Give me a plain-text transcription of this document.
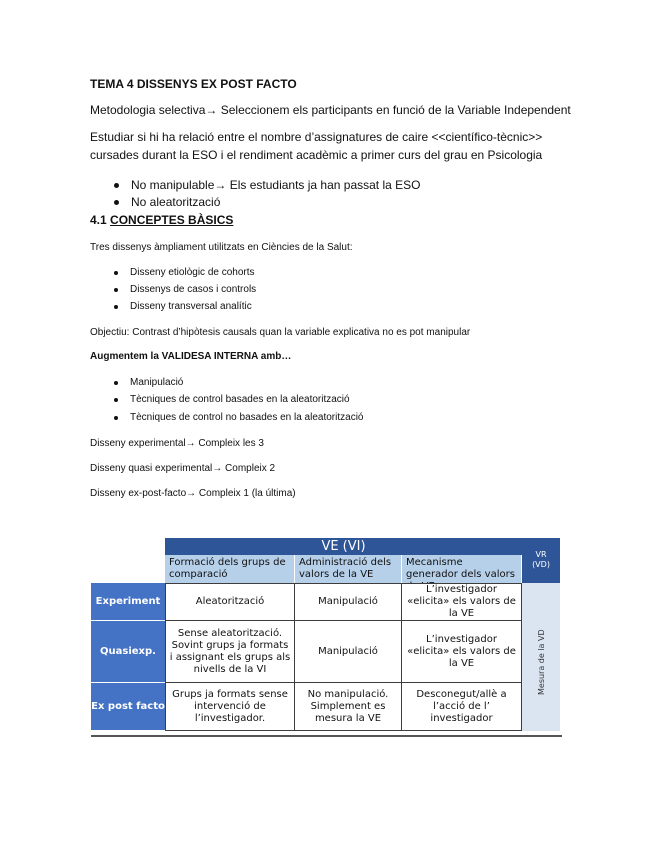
TEMA 4 DISSENYS EX POST FACTO
Metodologia selectiva→ Seleccionem els participants en funció de la Variable Independent
Estudiar si hi ha relació entre el nombre d’assignatures de caire <<científico-tècnic>>
cursades durant la ESO i el rendiment acadèmic a primer curs del grau en Psicologia
No manipulable→ Els estudiants ja han passat la ESO
No aleatorització
4.1 CONCEPTES BÀSICS
Tres dissenys àmpliament utilitzats en Ciències de la Salut:
Disseny etiològic de cohorts
Dissenys de casos i controls
Disseny transversal analític
Objectiu: Contrast d’hipòtesis causals quan la variable explicativa no es pot manipular
Augmentem la VALIDESA INTERNA amb…
Manipulació
Tècniques de control basades en la aleatorització
Tècniques de control no basades en la aleatorització
Disseny experimental→ Compleix les 3
Disseny quasi experimental→ Compleix 2
Disseny ex-post-facto→ Compleix 1 (la última)
VE (VI)
VR
(VD)
Formació dels grups de comparació
Administració dels valors de la VE
Mecanisme generador dels valors
Experiment	Aleatorització	Manipulació
L’investigador «elicita» els valors de la VE
Quasiexp.
Sense aleatorització. Sovint grups ja formats i assignant els grups als nivells de la VI
Manipulació
L’investigador «elicita» els valors de la VE
Ex post facto
Grups ja formats sense intervenció de l’investigador.
No manipulació. Simplement es mesura la VE
Desconegut/allè a l’acció de l’ investigador
Mesura de la VD
